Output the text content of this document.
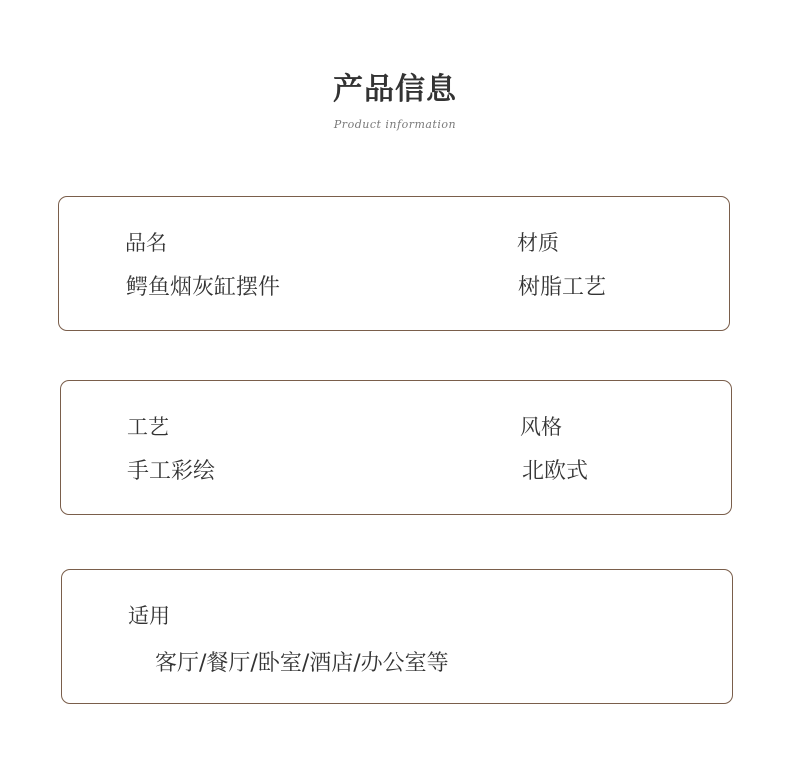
产品信息
Product information
品名
鳄鱼烟灰缸摆件
材质
树脂工艺
工艺
手工彩绘
风格
北欧式
适用
客厅/餐厅/卧室/酒店/办公室等
